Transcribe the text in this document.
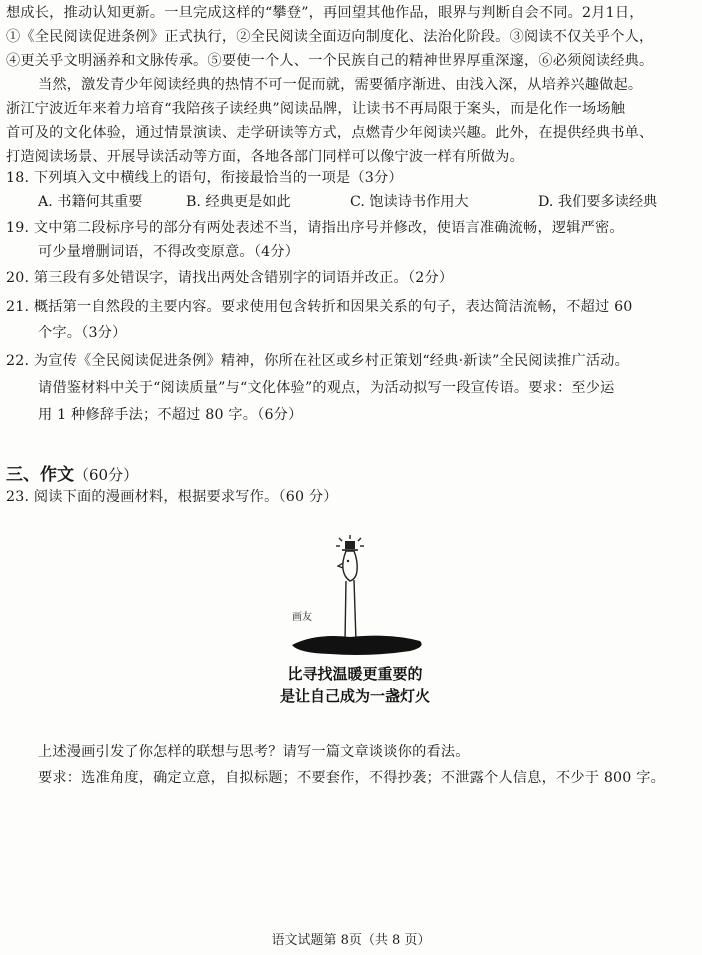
想成长，推动认知更新。一旦完成这样的“攀登”，再回望其他作品，眼界与判断自会不同。2月1日，
①《全民阅读促进条例》正式执行，②全民阅读全面迈向制度化、法治化阶段。③阅读不仅关乎个人，
④更关乎文明涵养和文脉传承。⑤要使一个人、一个民族自己的精神世界厚重深邃，⑥必须阅读经典。
当然，激发青少年阅读经典的热情不可一促而就，需要循序渐进、由浅入深，从培养兴趣做起。
浙江宁波近年来着力培育“我陪孩子读经典”阅读品牌，让读书不再局限于案头，而是化作一场场触
首可及的文化体验，通过情景演读、走学研读等方式，点燃青少年阅读兴趣。此外，在提供经典书单、
打造阅读场景、开展导读活动等方面，各地各部门同样可以像宁波一样有所做为。
18. 下列填入文中横线上的语句，衔接最恰当的一项是（3分）
A. 书籍何其重要	B. 经典更是如此	C. 饱读诗书作用大	D. 我们要多读经典
19. 文中第二段标序号的部分有两处表述不当，请指出序号并修改，使语言准确流畅，逻辑严密。
可少量增删词语，不得改变原意。（4分）
20. 第三段有多处错误字，请找出两处含错别字的词语并改正。（2分）
21. 概括第一自然段的主要内容。要求使用包含转折和因果关系的句子，表达简洁流畅，不超过 60
个字。（3分）
22. 为宣传《全民阅读促进条例》精神，你所在社区或乡村正策划“经典·新读”全民阅读推广活动。
请借鉴材料中关于“阅读质量”与“文化体验”的观点，为活动拟写一段宣传语。要求：至少运
用 1 种修辞手法；不超过 80 字。（6分）
三、作文（60分）
23. 阅读下面的漫画材料，根据要求写作。（60 分）
画友
比寻找温暖更重要的
是让自己成为一盏灯火
上述漫画引发了你怎样的联想与思考？请写一篇文章谈谈你的看法。
要求：选准角度，确定立意，自拟标题；不要套作，不得抄袭；不泄露个人信息，不少于 800 字。
语文试题第 8页（共 8 页）
